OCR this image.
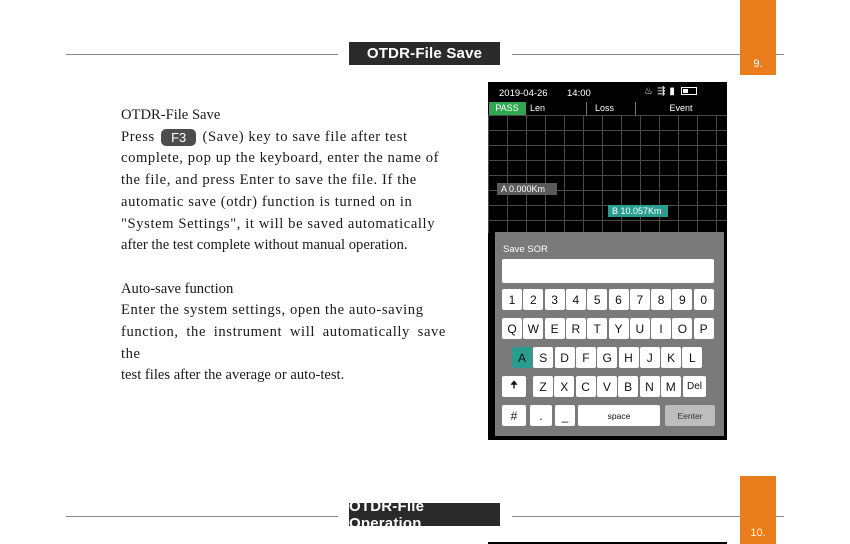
OTDR-File Save
9.

OTDR-File Save

Press F3 (Save) key to save file after test

complete, pop up the keyboard, enter the name of

the file, and press Enter to save the file. If the

automatic save (otdr) function is turned on in

"System Settings", it will be saved automatically

after the test complete without manual operation.

Auto-save function

Enter the system settings, open the auto-saving

function, the instrument will automatically save the

test files after the average or auto-test.

2019-04-26 14:00	♨⇶▮
PASS	Len	Loss	Event
A 0.000Km
B 10.057Km
Save SOR
1	2	3	4	5	6	7	8	9	0
Q W E	R	T	Y	U	I	O	P
A	S	D	F	G	H	J	K	L
🠉	Z	X	C	V	B	N M	Del
#	.	_	space	Eenter
OTDR-File Operation
10.
